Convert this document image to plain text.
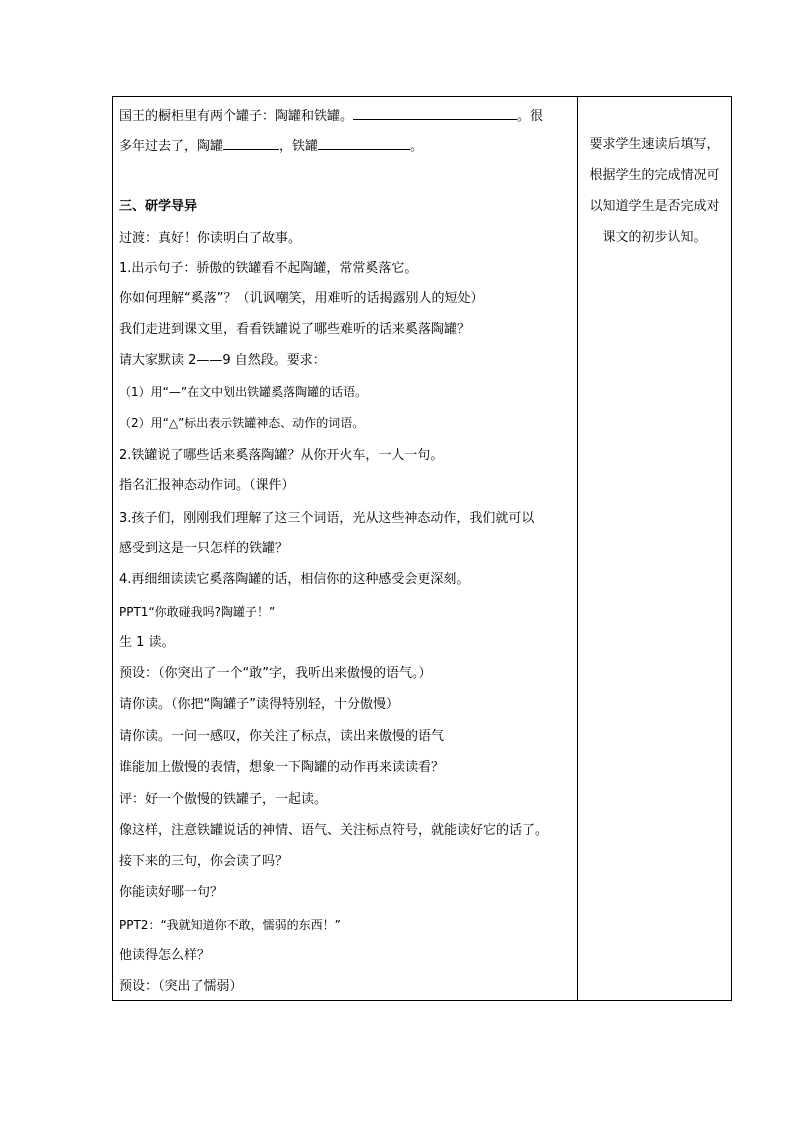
国王的橱柜里有两个罐子：陶罐和铁罐。	。很
多年过去了，陶罐	，铁罐	。
三、研学导异
过渡：真好！你读明白了故事。
1.出示句子：骄傲的铁罐看不起陶罐，常常奚落它。
你如何理解“奚落”？（讥讽嘲笑，用难听的话揭露别人的短处）
我们走进到课文里，看看铁罐说了哪些难听的话来奚落陶罐？
请大家默读 2——9 自然段。要求：
（1）用“—”在文中划出铁罐奚落陶罐的话语。
（2）用“△”标出表示铁罐神态、动作的词语。
2.铁罐说了哪些话来奚落陶罐？从你开火车，一人一句。
指名汇报神态动作词。（课件）
3.孩子们，刚刚我们理解了这三个词语，光从这些神态动作，我们就可以
感受到这是一只怎样的铁罐？
4.再细细读读它奚落陶罐的话，相信你的这种感受会更深刻。
PPT1“你敢碰我吗?陶罐子！”
生 1 读。
预设：（你突出了一个“敢”字，我听出来傲慢的语气。）
请你读。（你把“陶罐子”读得特别轻，十分傲慢）
请你读。一问一感叹，你关注了标点，读出来傲慢的语气
谁能加上傲慢的表情，想象一下陶罐的动作再来读读看？
评：好一个傲慢的铁罐子，一起读。
像这样，注意铁罐说话的神情、语气、关注标点符号，就能读好它的话了。
接下来的三句，你会读了吗？
你能读好哪一句？
PPT2：“我就知道你不敢，懦弱的东西！”
他读得怎么样？
预设：（突出了懦弱）
要求学生速读后填写，
根据学生的完成情况可
以知道学生是否完成对
课文的初步认知。
